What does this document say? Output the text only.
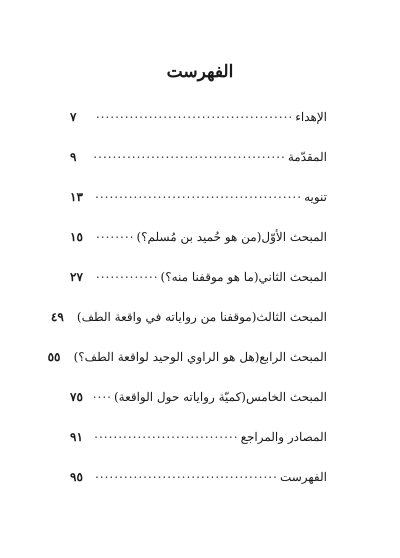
الفهرست
الإهداء
.....
٧
المقدّمة
.....
٩
تنويه
.....
١٣
المبحث الأوّل(من هو حُميد بن مُسلم؟)
.....
١٥
المبحث الثاني(ما هو موقفنا منه؟)
.....
٢٧
المبحث الثالث(موقفنا من رواياته في واقعة الطف)
٤٩
المبحث الرابع(هل هو الراوي الوحيد لواقعة الطف؟)
٥٥
المبحث الخامس(كميّة رواياته حول الواقعة)
.....
٧٥
المصادر والمراجع
.....
٩١
الفهرست
.....
٩٥
